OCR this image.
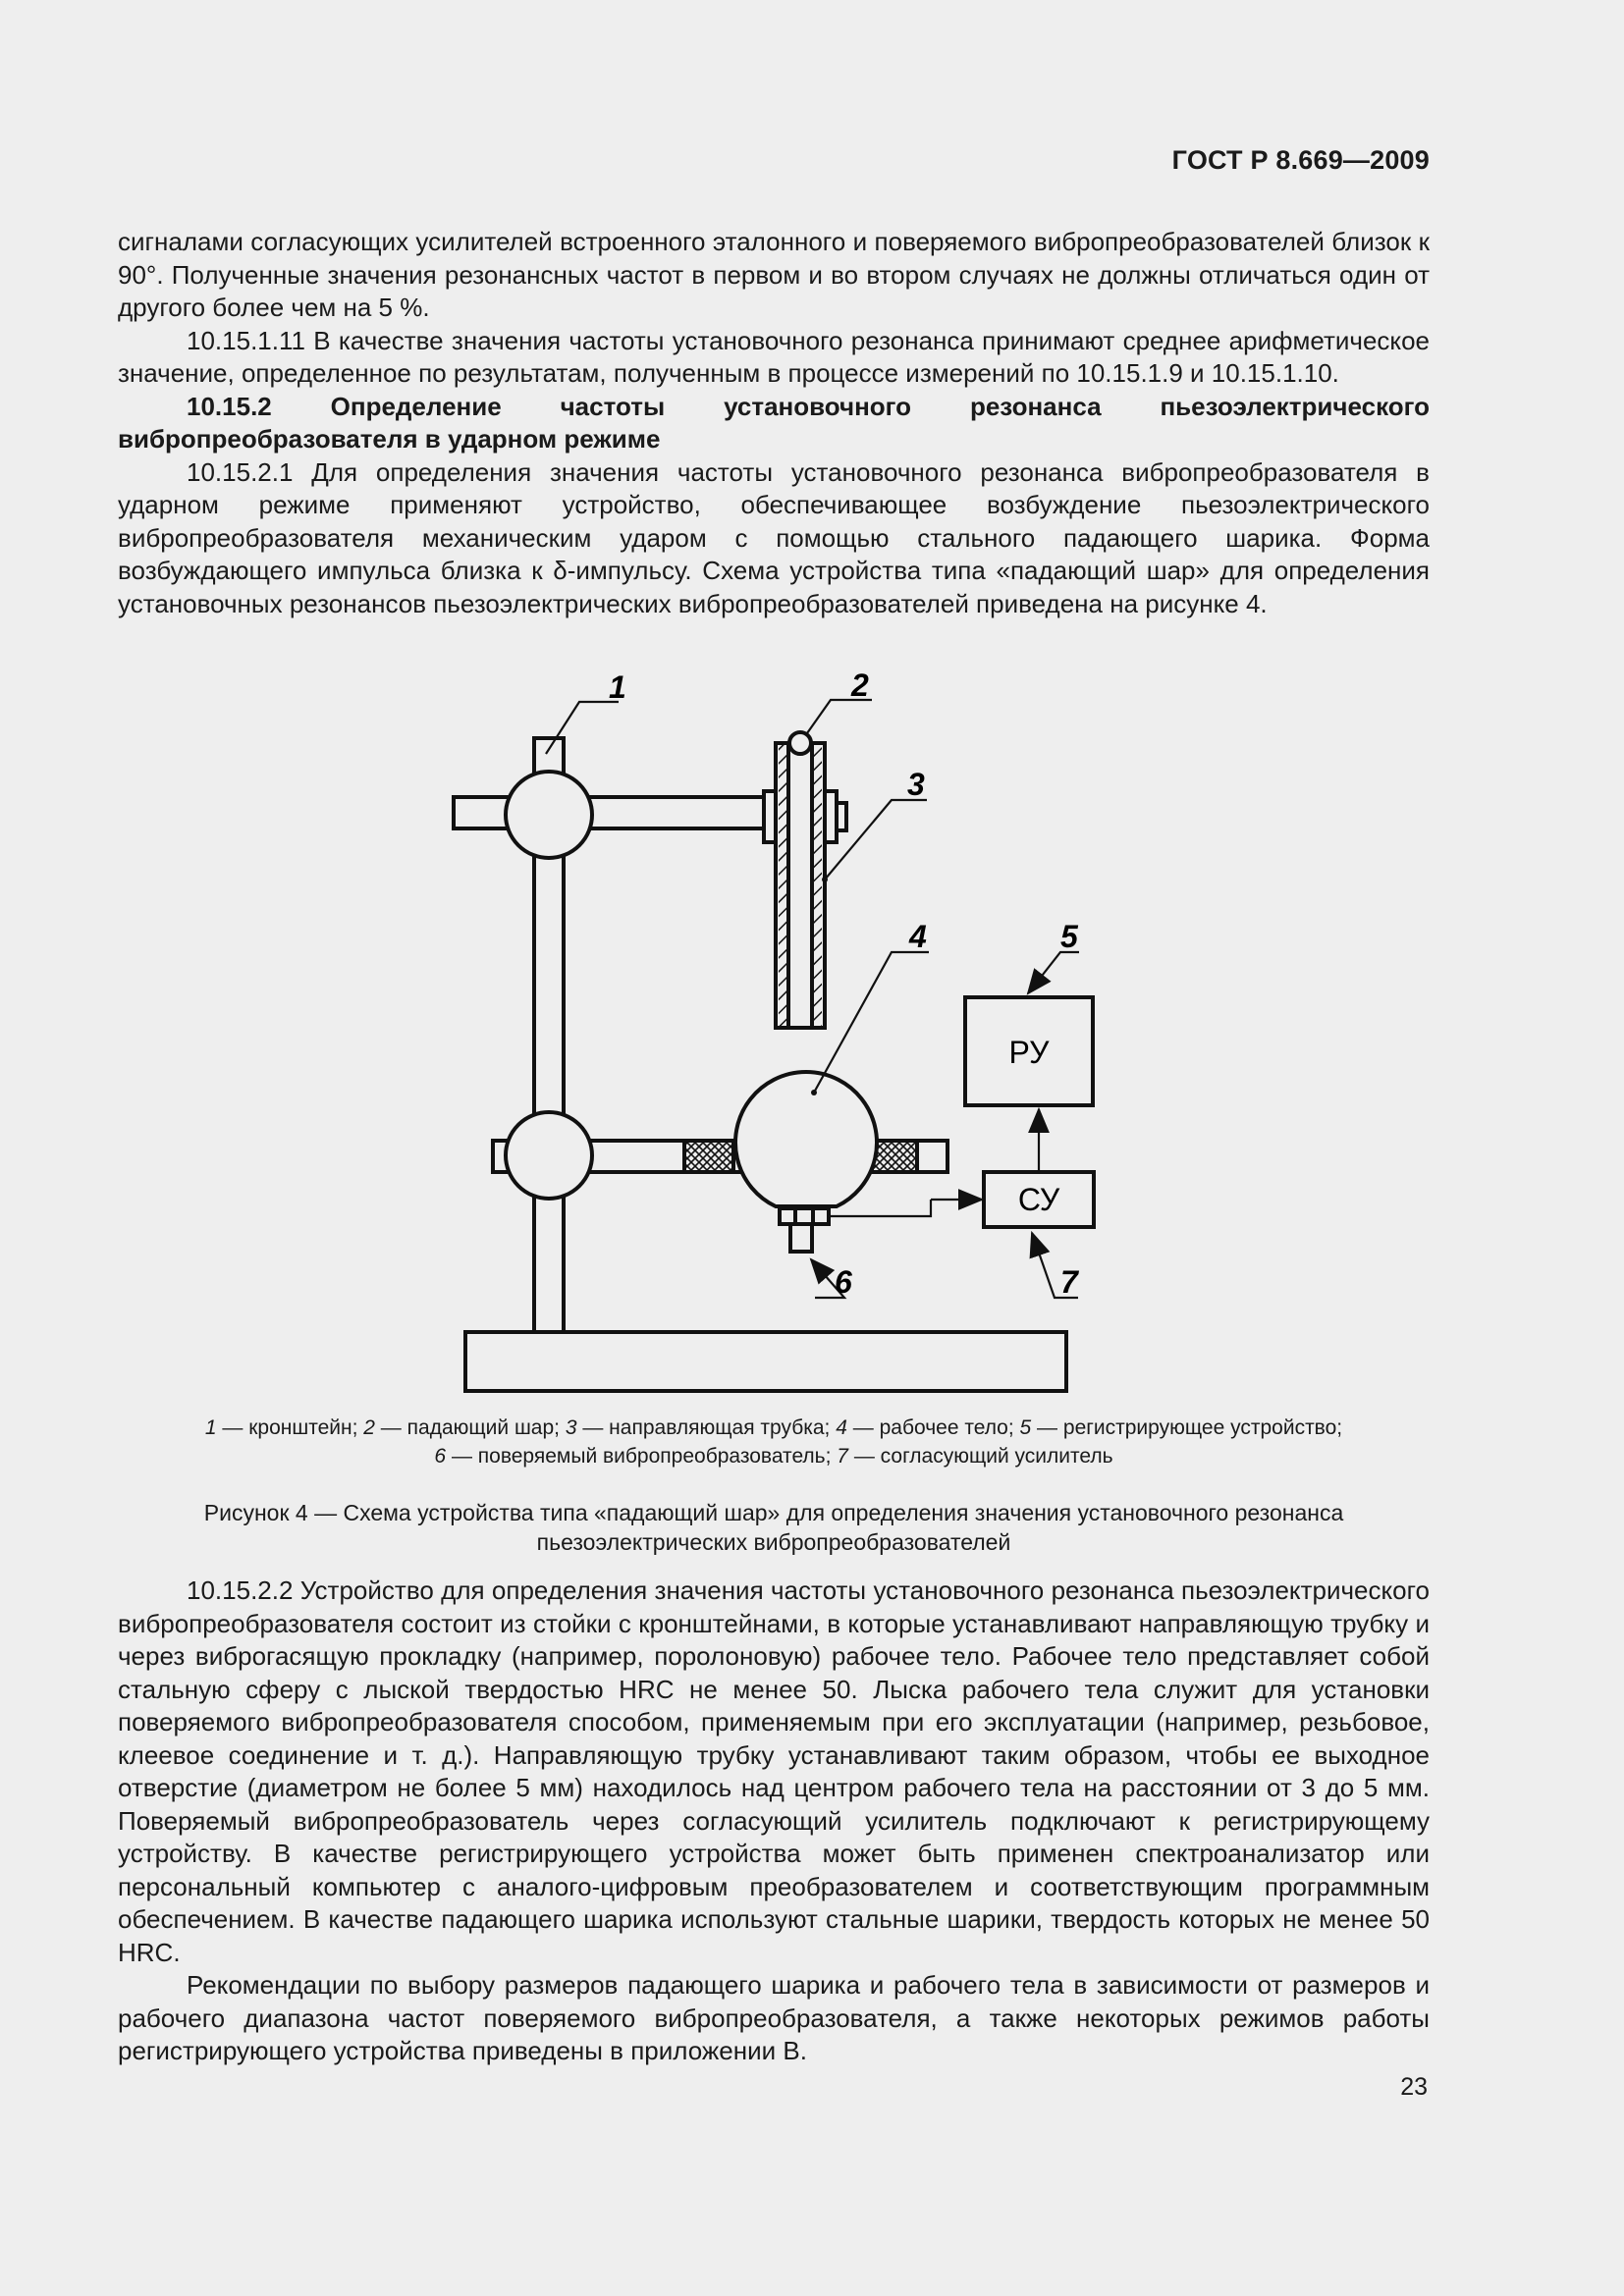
ГОСТ Р 8.669—2009

сигналами согласующих усилителей встроенного эталонного и поверяемого вибропреобразователей близок к 90°. Полученные значения резонансных частот в первом и во втором случаях не должны отличаться один от другого более чем на 5 %.

10.15.1.11 В качестве значения частоты установочного резонанса принимают среднее арифметическое значение, определенное по результатам, полученным в процессе измерений по 10.15.1.9 и 10.15.1.10.

10.15.2 Определение частоты установочного резонанса пьезоэлектрического вибропреобразователя в ударном режиме

10.15.2.1 Для определения значения частоты установочного резонанса вибропреобразователя в ударном режиме применяют устройство, обеспечивающее возбуждение пьезоэлектрического вибропреобразователя механическим ударом с помощью стального падающего шарика. Форма возбуждающего импульса близка к δ-импульсу. Схема устройства типа «падающий шар» для определения установочных резонансов пьезоэлектрических вибропреобразователей приведена на рисунке 4.

1	2
3
4	5
6	7
РУ
СУ
1 — кронштейн; 2 — падающий шар; 3 — направляющая трубка; 4 — рабочее тело; 5 — регистрирующее устройство;
6 — поверяемый вибропреобразователь; 7 — согласующий усилитель
Рисунок 4 — Схема устройства типа «падающий шар» для определения значения установочного резонанса
пьезоэлектрических вибропреобразователей

10.15.2.2 Устройство для определения значения частоты установочного резонанса пьезоэлектрического вибропреобразователя состоит из стойки с кронштейнами, в которые устанавливают направляющую трубку и через виброгасящую прокладку (например, поролоновую) рабочее тело. Рабочее тело представляет собой стальную сферу с лыской твердостью HRC не менее 50. Лыска рабочего тела служит для установки поверяемого вибропреобразователя способом, применяемым при его эксплуатации (например, резьбовое, клеевое соединение и т. д.). Направляющую трубку устанавливают таким образом, чтобы ее выходное отверстие (диаметром не более 5 мм) находилось над центром рабочего тела на расстоянии от 3 до 5 мм. Поверяемый вибропреобразователь через согласующий усилитель подключают к регистрирующему устройству. В качестве регистрирующего устройства может быть применен спектроанализатор или персональный компьютер с аналого-цифровым преобразователем и соответствующим программным обеспечением. В качестве падающего шарика используют стальные шарики, твердость которых не менее 50 HRC.

Рекомендации по выбору размеров падающего шарика и рабочего тела в зависимости от размеров и рабочего диапазона частот поверяемого вибропреобразователя, а также некоторых режимов работы регистрирующего устройства приведены в приложении В.

23
